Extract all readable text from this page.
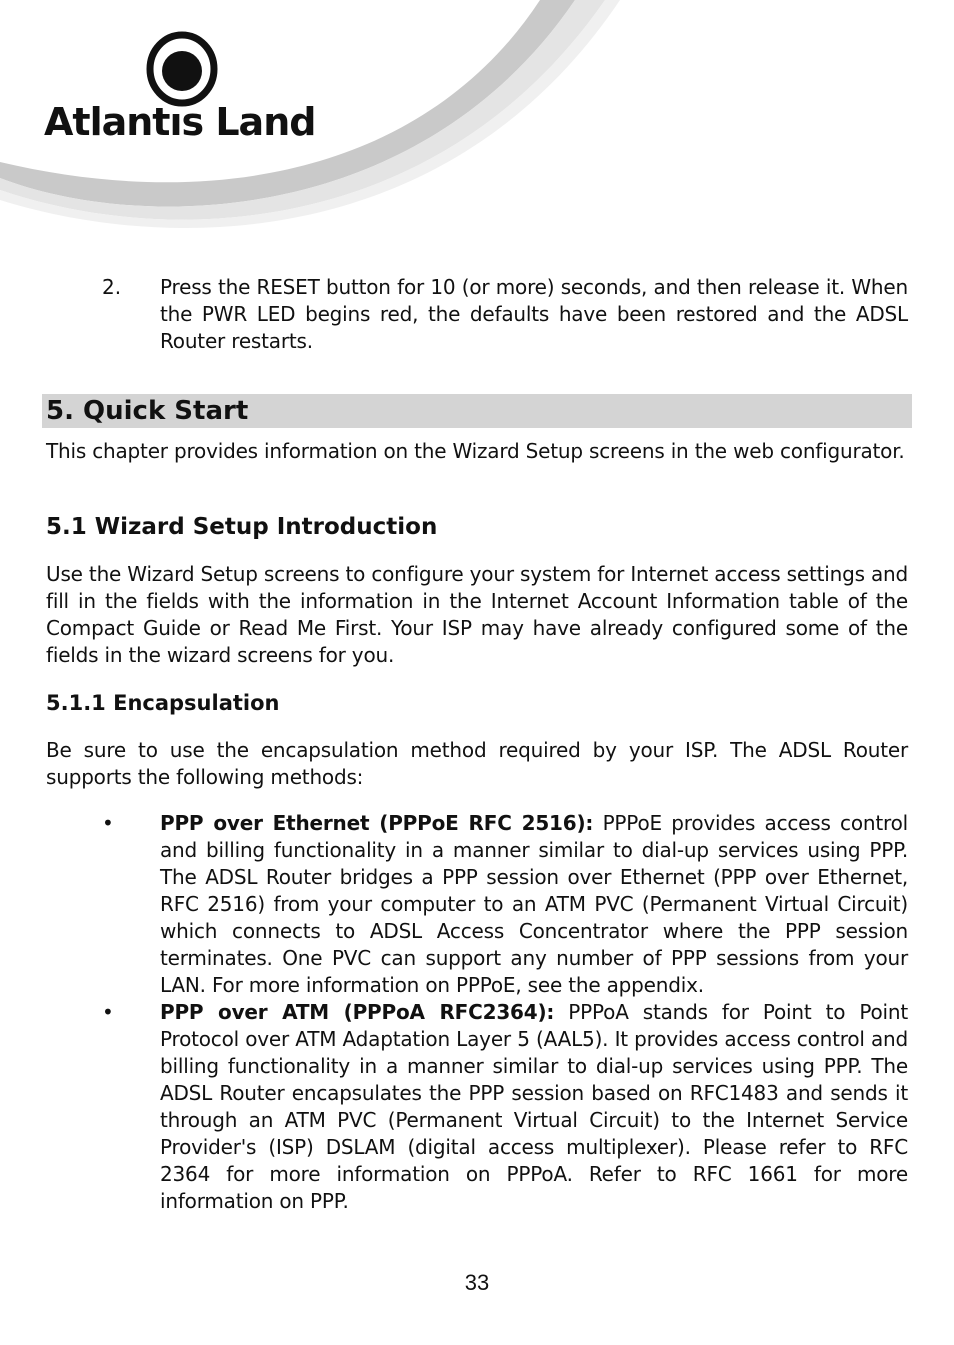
Atlantıs Land
2. Press the RESET button for 10 (or more) seconds, and then release it. When the PWR LED begins red, the defaults have been restored and the ADSL Router restarts.

5. Quick Start

This chapter provides information on the Wizard Setup screens in the web configurator.

5.1 Wizard Setup Introduction

Use the Wizard Setup screens to configure your system for Internet access settings and fill in the fields with the information in the Internet Account Information table of the Compact Guide or Read Me First. Your ISP may have already configured some of the fields in the wizard screens for you.

5.1.1 Encapsulation

Be sure to use the encapsulation method required by your ISP. The ADSL Router supports the following methods:

• PPP over Ethernet (PPPoE RFC 2516): PPPoE provides access control and billing functionality in a manner similar to dial-up services using PPP. The ADSL Router bridges a PPP session over Ethernet (PPP over Ethernet, RFC 2516) from your computer to an ATM PVC (Permanent Virtual Circuit) which connects to ADSL Access Concentrator where the PPP session terminates. One PVC can support any number of PPP sessions from your LAN. For more information on PPPoE, see the appendix.

• PPP over ATM (PPPoA RFC2364): PPPoA stands for Point to Point Protocol over ATM Adaptation Layer 5 (AAL5). It provides access control and billing functionality in a manner similar to dial-up services using PPP. The ADSL Router encapsulates the PPP session based on RFC1483 and sends it through an ATM PVC (Permanent Virtual Circuit) to the Internet Service Provider's (ISP) DSLAM (digital access multiplexer). Please refer to RFC 2364 for more information on PPPoA. Refer to RFC 1661 for more information on PPP.

33
